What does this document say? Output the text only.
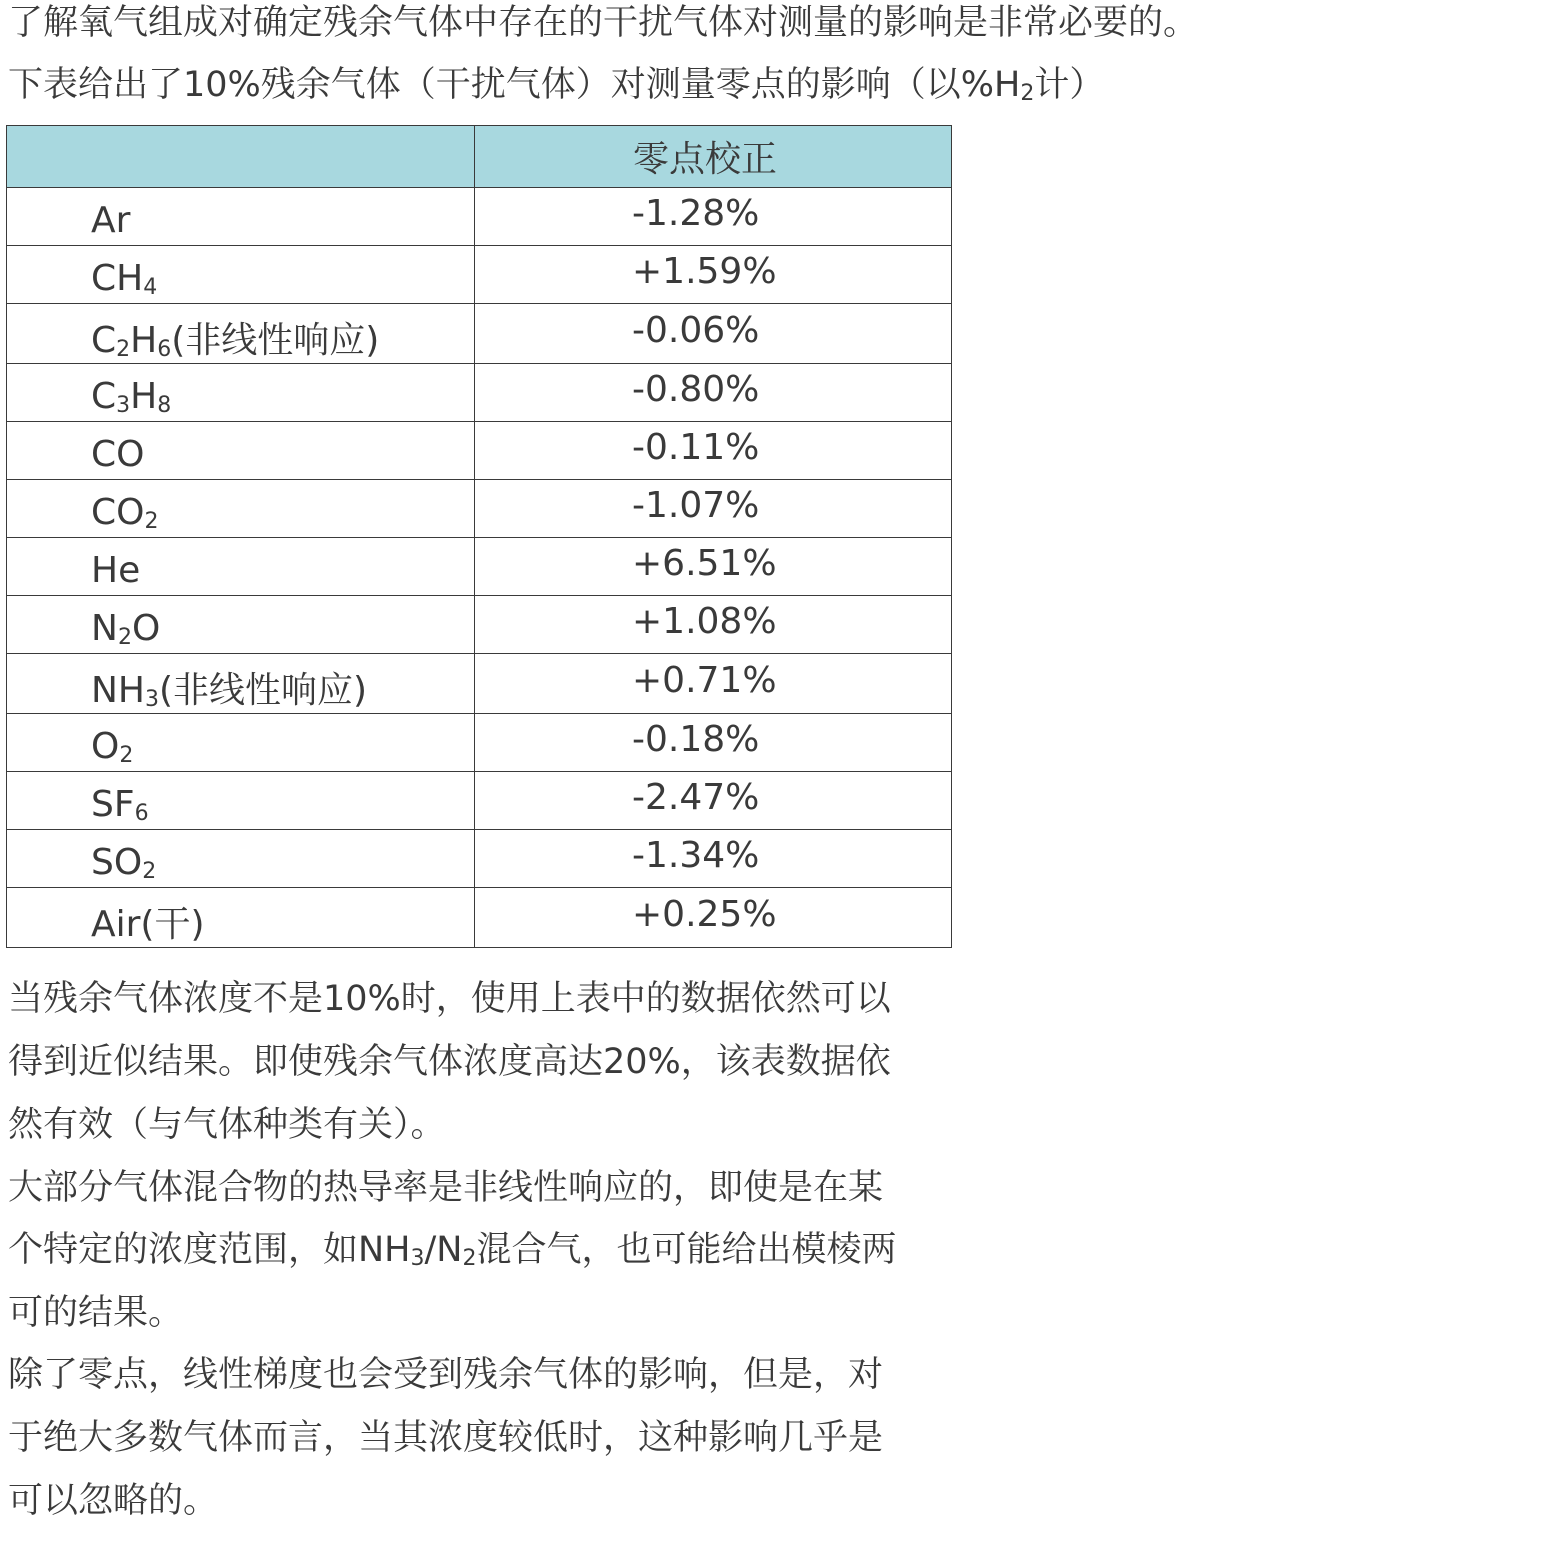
了解氧气组成对确定残余气体中存在的干扰气体对测量的影响是非常必要的。
下表给出了10%残余气体（干扰气体）对测量零点的影响（以$\%H_2$计）
	零点校正
Ar	-1.28%
$CH_4$	+1.59%
$C_2H_6$(非线性响应)	-0.06%
$C_3H_8$	-0.80%
CO	-0.11%
$CO_2$	-1.07%
He	+6.51%
$N_2O$	+1.08%
$NH_3$(非线性响应)	+0.71%
$O_2$	-0.18%
$SF_6$	-2.47%
$SO_2$	-1.34%
Air(干)	+0.25%
当残余气体浓度不是10%时，使用上表中的数据依然可以
得到近似结果。即使残余气体浓度高达20%，该表数据依
然有效（与气体种类有关）。
大部分气体混合物的热导率是非线性响应的，即使是在某
个特定的浓度范围，如$NH_3/N_2$混合气，也可能给出模棱两
可的结果。
除了零点，线性梯度也会受到残余气体的影响，但是，对
于绝大多数气体而言，当其浓度较低时，这种影响几乎是
可以忽略的。
